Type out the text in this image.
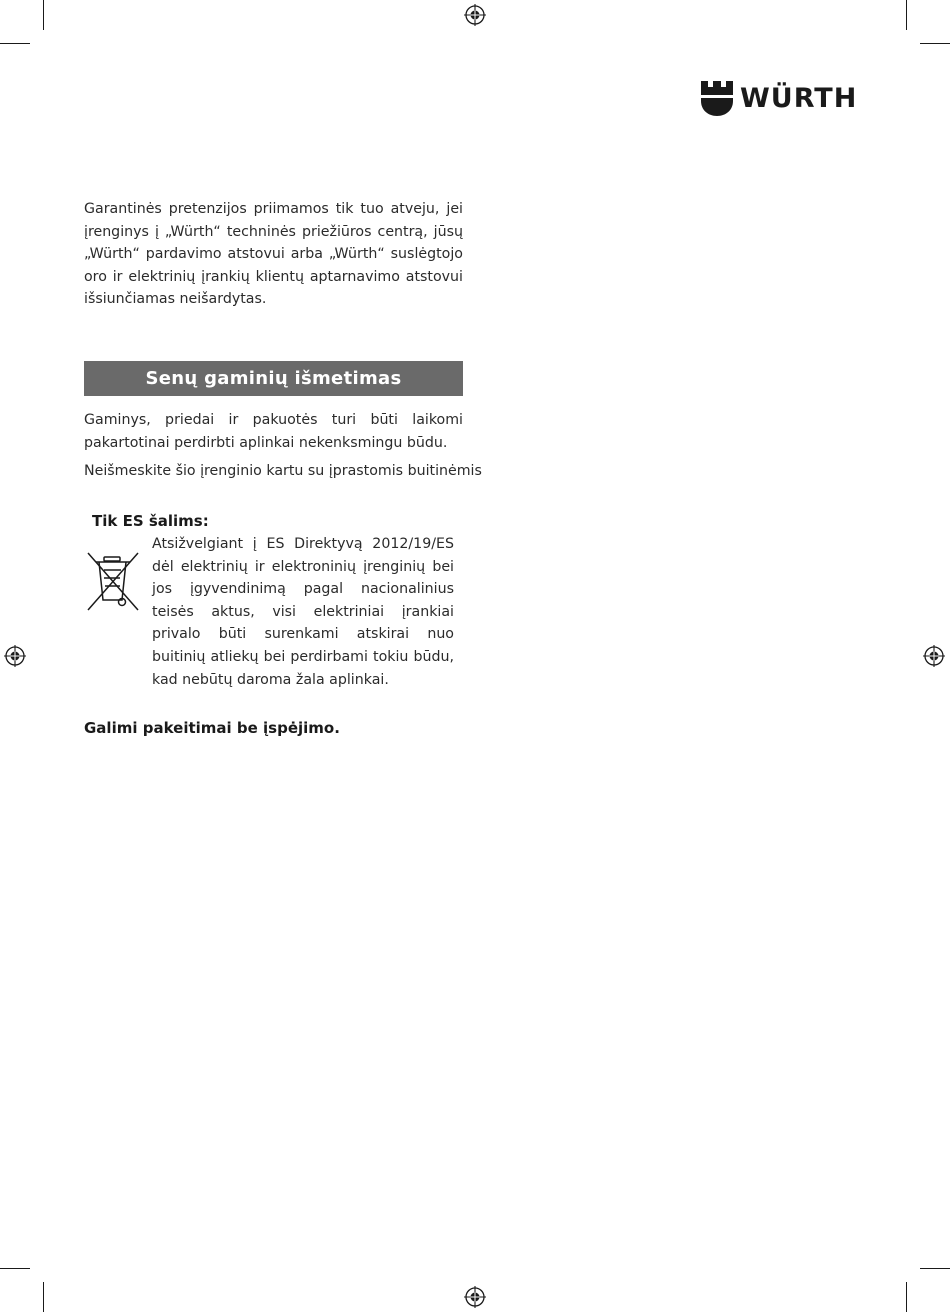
WÜRTH

Garantinės pretenzijos priimamos tik tuo atveju, jei įrenginys į „Würth“ techninės priežiūros centrą, jūsų „Würth“ pardavimo atstovui arba „Würth“ suslėgtojo oro ir elektrinių įrankių klientų aptarnavimo atstovui išsiunčiamas neišardytas.

Senų gaminių išmetimas

Gaminys, priedai ir pakuotės turi būti laikomi pakartotinai perdirbti aplinkai nekenksmingu būdu.

Neišmeskite šio įrenginio kartu su įprastomis buitinėmis

Tik ES šalims:

Atsižvelgiant į ES Direktyvą 2012/19/ES dėl elektrinių ir elektroninių įrenginių bei jos įgyvendinimą pagal nacionalinius teisės aktus, visi elektriniai įrankiai privalo būti surenkami atskirai nuo buitinių atliekų bei perdirbami tokiu būdu, kad nebūtų daroma žala aplinkai.

Galimi pakeitimai be įspėjimo.
